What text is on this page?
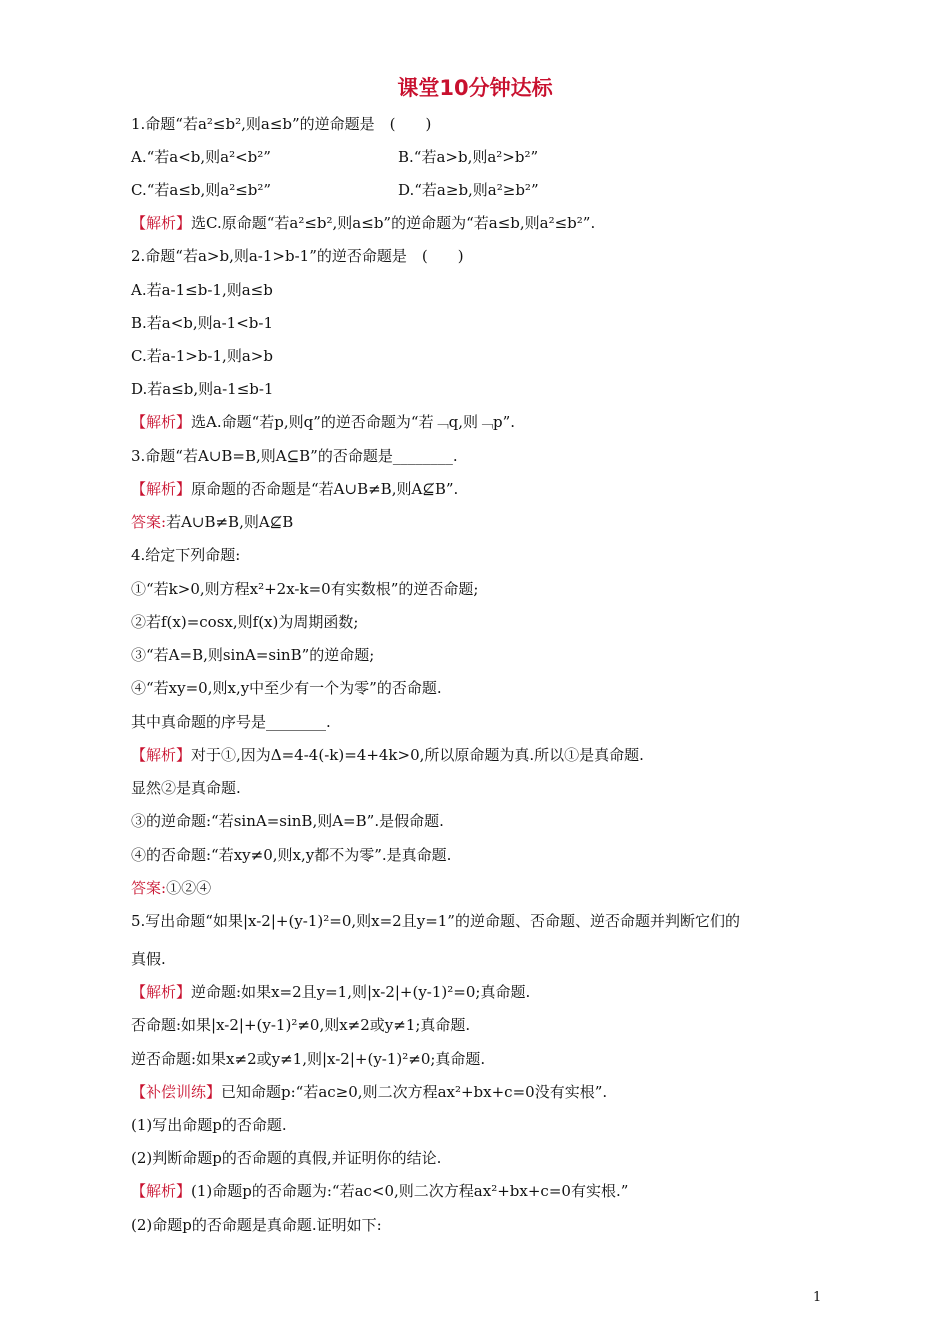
课堂10分钟达标
1.命题“若a²≤b²,则a≤b”的逆命题是　(　　)
A.“若a<b,则a²<b²”	B.“若a>b,则a²>b²”
C.“若a≤b,则a²≤b²”	D.“若a≥b,则a²≥b²”
【解析】选C.原命题“若a²≤b²,则a≤b”的逆命题为“若a≤b,则a²≤b²”.
2.命题“若a>b,则a-1>b-1”的逆否命题是　(　　)
A.若a-1≤b-1,则a≤b
B.若a<b,则a-1<b-1
C.若a-1>b-1,则a>b
D.若a≤b,则a-1≤b-1
【解析】选A.命题“若p,则q”的逆否命题为“若﹁q,则﹁p”.
3.命题“若A∪B=B,则A⊆B”的否命题是________.
【解析】原命题的否命题是“若A∪B≠B,则A⊈B”.
答案:若A∪B≠B,则A⊈B
4.给定下列命题:
①“若k>0,则方程x²+2x-k=0有实数根”的逆否命题;
②若f(x)=cosx,则f(x)为周期函数;
③“若A=B,则sinA=sinB”的逆命题;
④“若xy=0,则x,y中至少有一个为零”的否命题.
其中真命题的序号是________.
【解析】对于①,因为Δ=4-4(-k)=4+4k>0,所以原命题为真.所以①是真命题.
显然②是真命题.
③的逆命题:“若sinA=sinB,则A=B”.是假命题.
④的否命题:“若xy≠0,则x,y都不为零”.是真命题.
答案:①②④
5.写出命题“如果|x-2|+(y-1)²=0,则x=2且y=1”的逆命题、否命题、逆否命题并判断它们的
真假.
【解析】逆命题:如果x=2且y=1,则|x-2|+(y-1)²=0;真命题.
否命题:如果|x-2|+(y-1)²≠0,则x≠2或y≠1;真命题.
逆否命题:如果x≠2或y≠1,则|x-2|+(y-1)²≠0;真命题.
【补偿训练】已知命题p:“若ac≥0,则二次方程ax²+bx+c=0没有实根”.
(1)写出命题p的否命题.
(2)判断命题p的否命题的真假,并证明你的结论.
【解析】(1)命题p的否命题为:“若ac<0,则二次方程ax²+bx+c=0有实根.”
(2)命题p的否命题是真命题.证明如下:
1
